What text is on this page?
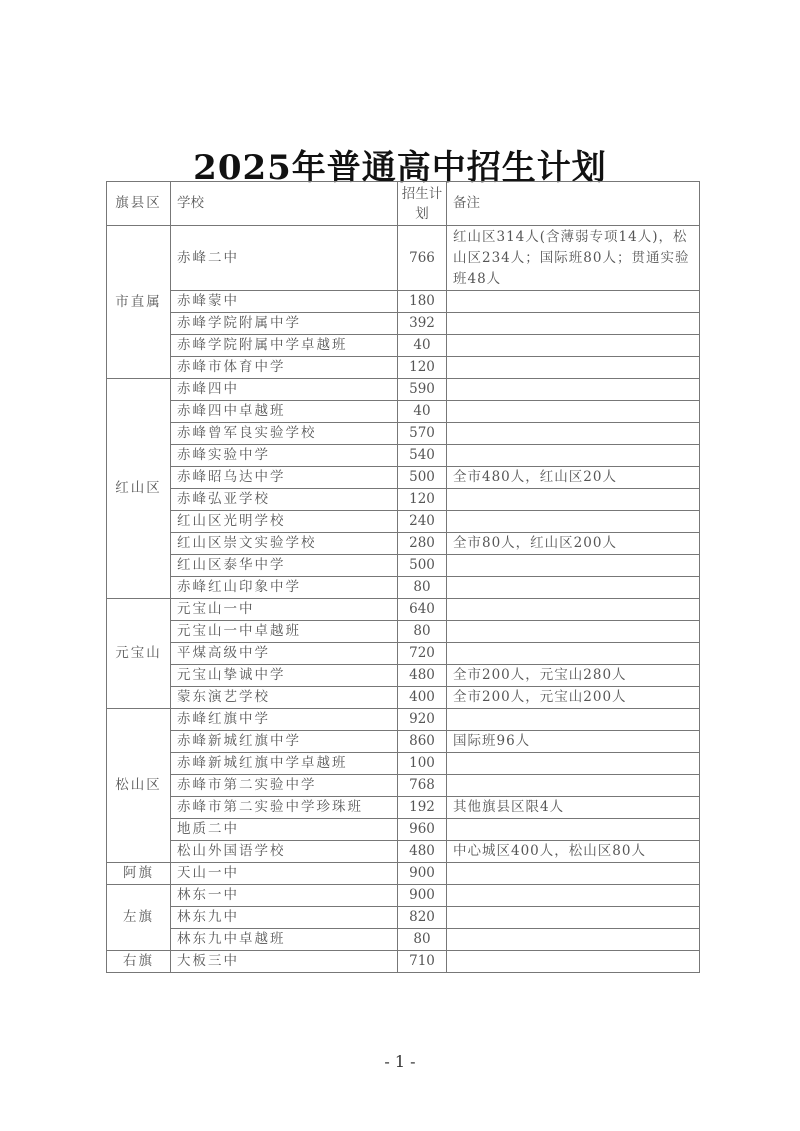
2025年普通高中招生计划
旗县区	学校	招生计划	备注
市直属	赤峰二中	766	红山区314人(含薄弱专项14人)，松山区234人；国际班80人；贯通实验班48人
	赤峰蒙中	180	
	赤峰学院附属中学	392	
	赤峰学院附属中学卓越班	40	
	赤峰市体育中学	120	
红山区	赤峰四中	590	
	赤峰四中卓越班	40	
	赤峰曾军良实验学校	570	
	赤峰实验中学	540	
	赤峰昭乌达中学	500	全市480人，红山区20人
	赤峰弘亚学校	120	
	红山区光明学校	240	
	红山区崇文实验学校	280	全市80人，红山区200人
	红山区泰华中学	500	
	赤峰红山印象中学	80	
元宝山	元宝山一中	640	
	元宝山一中卓越班	80	
	平煤高级中学	720	
	元宝山挚诚中学	480	全市200人，元宝山280人
	蒙东演艺学校	400	全市200人，元宝山200人
松山区	赤峰红旗中学	920	
	赤峰新城红旗中学	860	国际班96人
	赤峰新城红旗中学卓越班	100	
	赤峰市第二实验中学	768	
	赤峰市第二实验中学珍珠班	192	其他旗县区限4人
	地质二中	960	
	松山外国语学校	480	中心城区400人，松山区80人
阿旗	天山一中	900	
左旗	林东一中	900	
	林东九中	820	
	林东九中卓越班	80	
右旗	大板三中	710	
- 1 -
